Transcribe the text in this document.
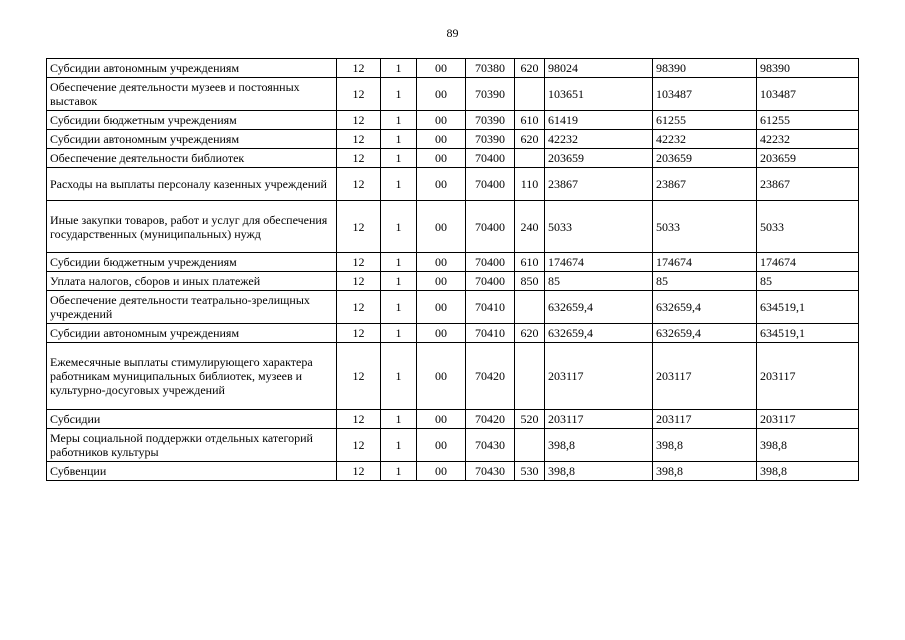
89
Субсидии автономным учреждениям	12	1	00	70380	620	98024	98390	98390
Обеспечение деятельности музеев и постоянных выставок	12	1	00	70390		103651	103487	103487
Субсидии бюджетным учреждениям	12	1	00	70390	610	61419	61255	61255
Субсидии автономным учреждениям	12	1	00	70390	620	42232	42232	42232
Обеспечение деятельности библиотек	12	1	00	70400		203659	203659	203659
Расходы на выплаты персоналу казенных учреждений	12	1	00	70400	110	23867	23867	23867
Иные закупки товаров, работ и услуг для обеспечения государственных (муниципальных) нужд	12	1	00	70400	240	5033	5033	5033
Субсидии бюджетным учреждениям	12	1	00	70400	610	174674	174674	174674
Уплата налогов, сборов и иных платежей	12	1	00	70400	850	85	85	85
Обеспечение деятельности театрально-зрелищных учреждений	12	1	00	70410		632659,4	632659,4	634519,1
Субсидии автономным учреждениям	12	1	00	70410	620	632659,4	632659,4	634519,1
Ежемесячные выплаты стимулирующего характера работникам муниципальных библиотек, музеев и культурно-досуговых учреждений	12	1	00	70420		203117	203117	203117
Субсидии	12	1	00	70420	520	203117	203117	203117
Меры социальной поддержки отдельных категорий работников культуры	12	1	00	70430		398,8	398,8	398,8
Субвенции	12	1	00	70430	530	398,8	398,8	398,8
